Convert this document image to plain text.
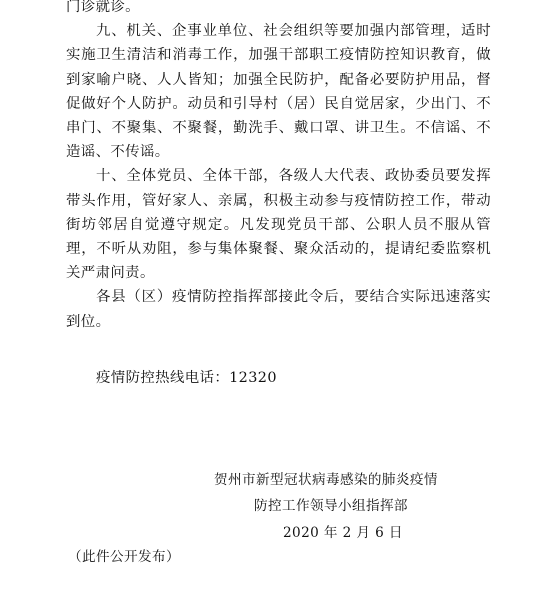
门诊就诊。

九、机关、企事业单位、社会组织等要加强内部管理，适时实施卫生清洁和消毒工作，加强干部职工疫情防控知识教育，做到家喻户晓、人人皆知；加强全民防护，配备必要防护用品，督促做好个人防护。动员和引导村（居）民自觉居家，少出门、不串门、不聚集、不聚餐，勤洗手、戴口罩、讲卫生。不信谣、不造谣、不传谣。

十、全体党员、全体干部，各级人大代表、政协委员要发挥带头作用，管好家人、亲属，积极主动参与疫情防控工作，带动街坊邻居自觉遵守规定。凡发现党员干部、公职人员不服从管理，不听从劝阻，参与集体聚餐、聚众活动的，提请纪委监察机关严肃问责。

各县（区）疫情防控指挥部接此令后，要结合实际迅速落实到位。

疫情防控热线电话：12320
贺州市新型冠状病毒感染的肺炎疫情
防控工作领导小组指挥部
2020 年 2 月 6 日
（此件公开发布）
